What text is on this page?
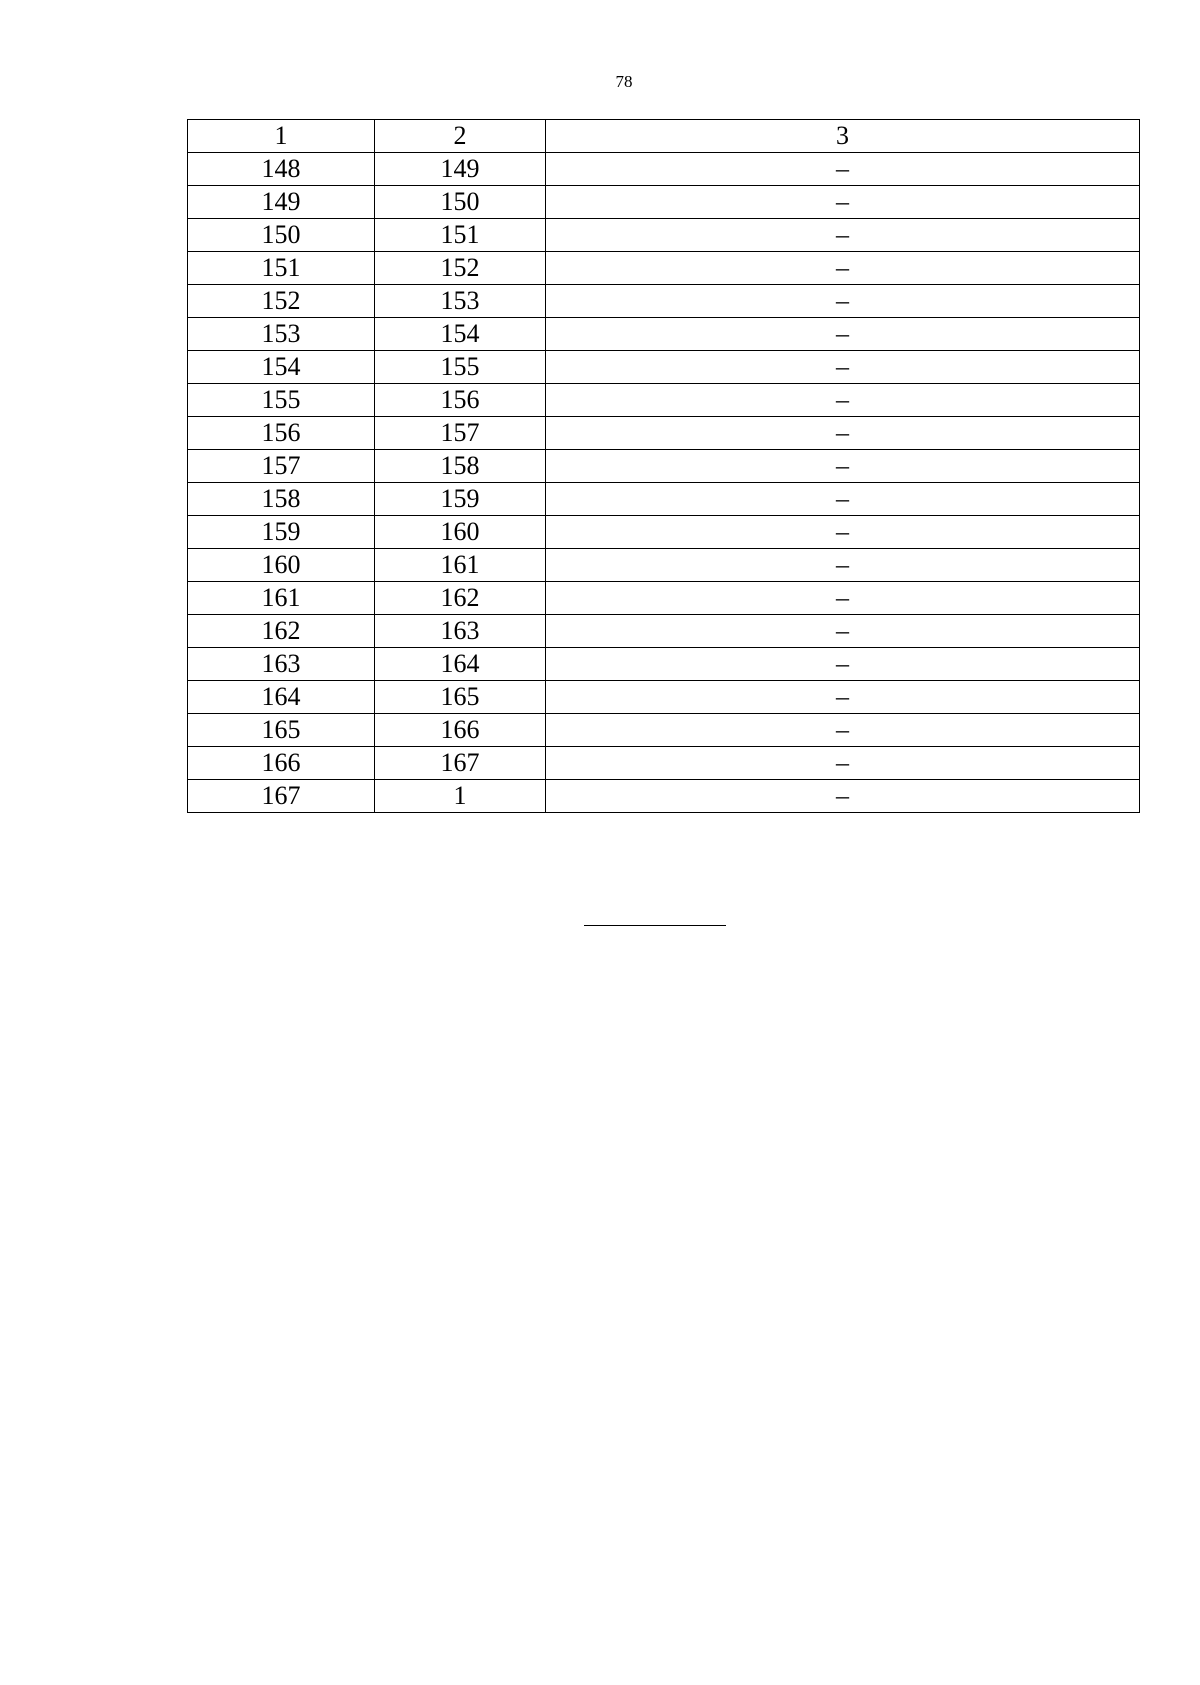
78
1	2	3
148	149	–
149	150	–
150	151	–
151	152	–
152	153	–
153	154	–
154	155	–
155	156	–
156	157	–
157	158	–
158	159	–
159	160	–
160	161	–
161	162	–
162	163	–
163	164	–
164	165	–
165	166	–
166	167	–
167	1	–
